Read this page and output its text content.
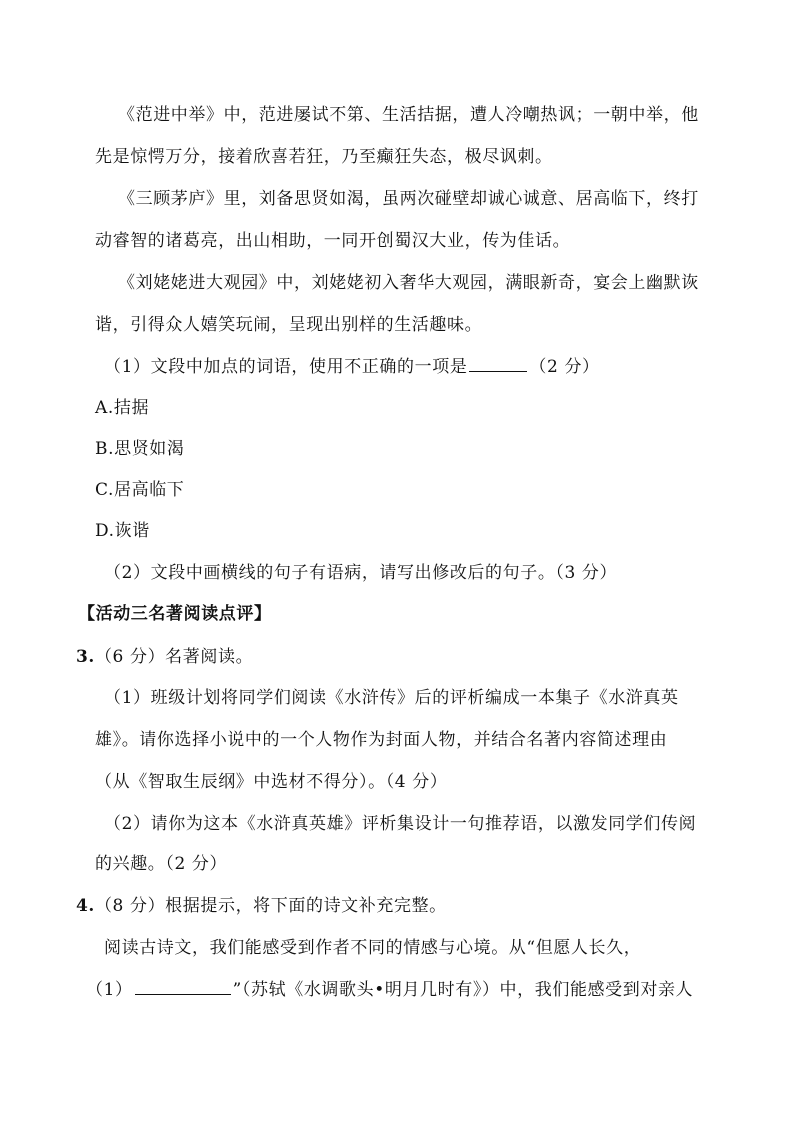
《范进中举》中，范进屡试不第、生活拮据，遭人冷嘲热讽；一朝中举，他
先是惊愕万分，接着欣喜若狂，乃至癫狂失态，极尽讽刺。
《三顾茅庐》里，刘备思贤如渴，虽两次碰壁却诚心诚意、居高临下，终打
动睿智的诸葛亮，出山相助，一同开创蜀汉大业，传为佳话。
《刘姥姥进大观园》中，刘姥姥初入奢华大观园，满眼新奇，宴会上幽默诙
谐，引得众人嬉笑玩闹，呈现出别样的生活趣味。
（1）文段中加点的词语，使用不正确的一项是	（2 分）
A.拮据
B.思贤如渴
C.居高临下
D.诙谐
（2）文段中画横线的句子有语病，请写出修改后的句子。（3 分）
【活动三名著阅读点评】
3.（6 分）名著阅读。
（1）班级计划将同学们阅读《水浒传》后的评析编成一本集子《水浒真英
雄》。请你选择小说中的一个人物作为封面人物，并结合名著内容简述理由
（从《智取生辰纲》中选材不得分）。（4 分）
（2）请你为这本《水浒真英雄》评析集设计一句推荐语，以激发同学们传阅
的兴趣。（2 分）
4.（8 分）根据提示，将下面的诗文补充完整。
阅读古诗文，我们能感受到作者不同的情感与心境。从“但愿人长久，
（1）	”（苏轼《水调歌头•明月几时有》）中，我们能感受到对亲人
